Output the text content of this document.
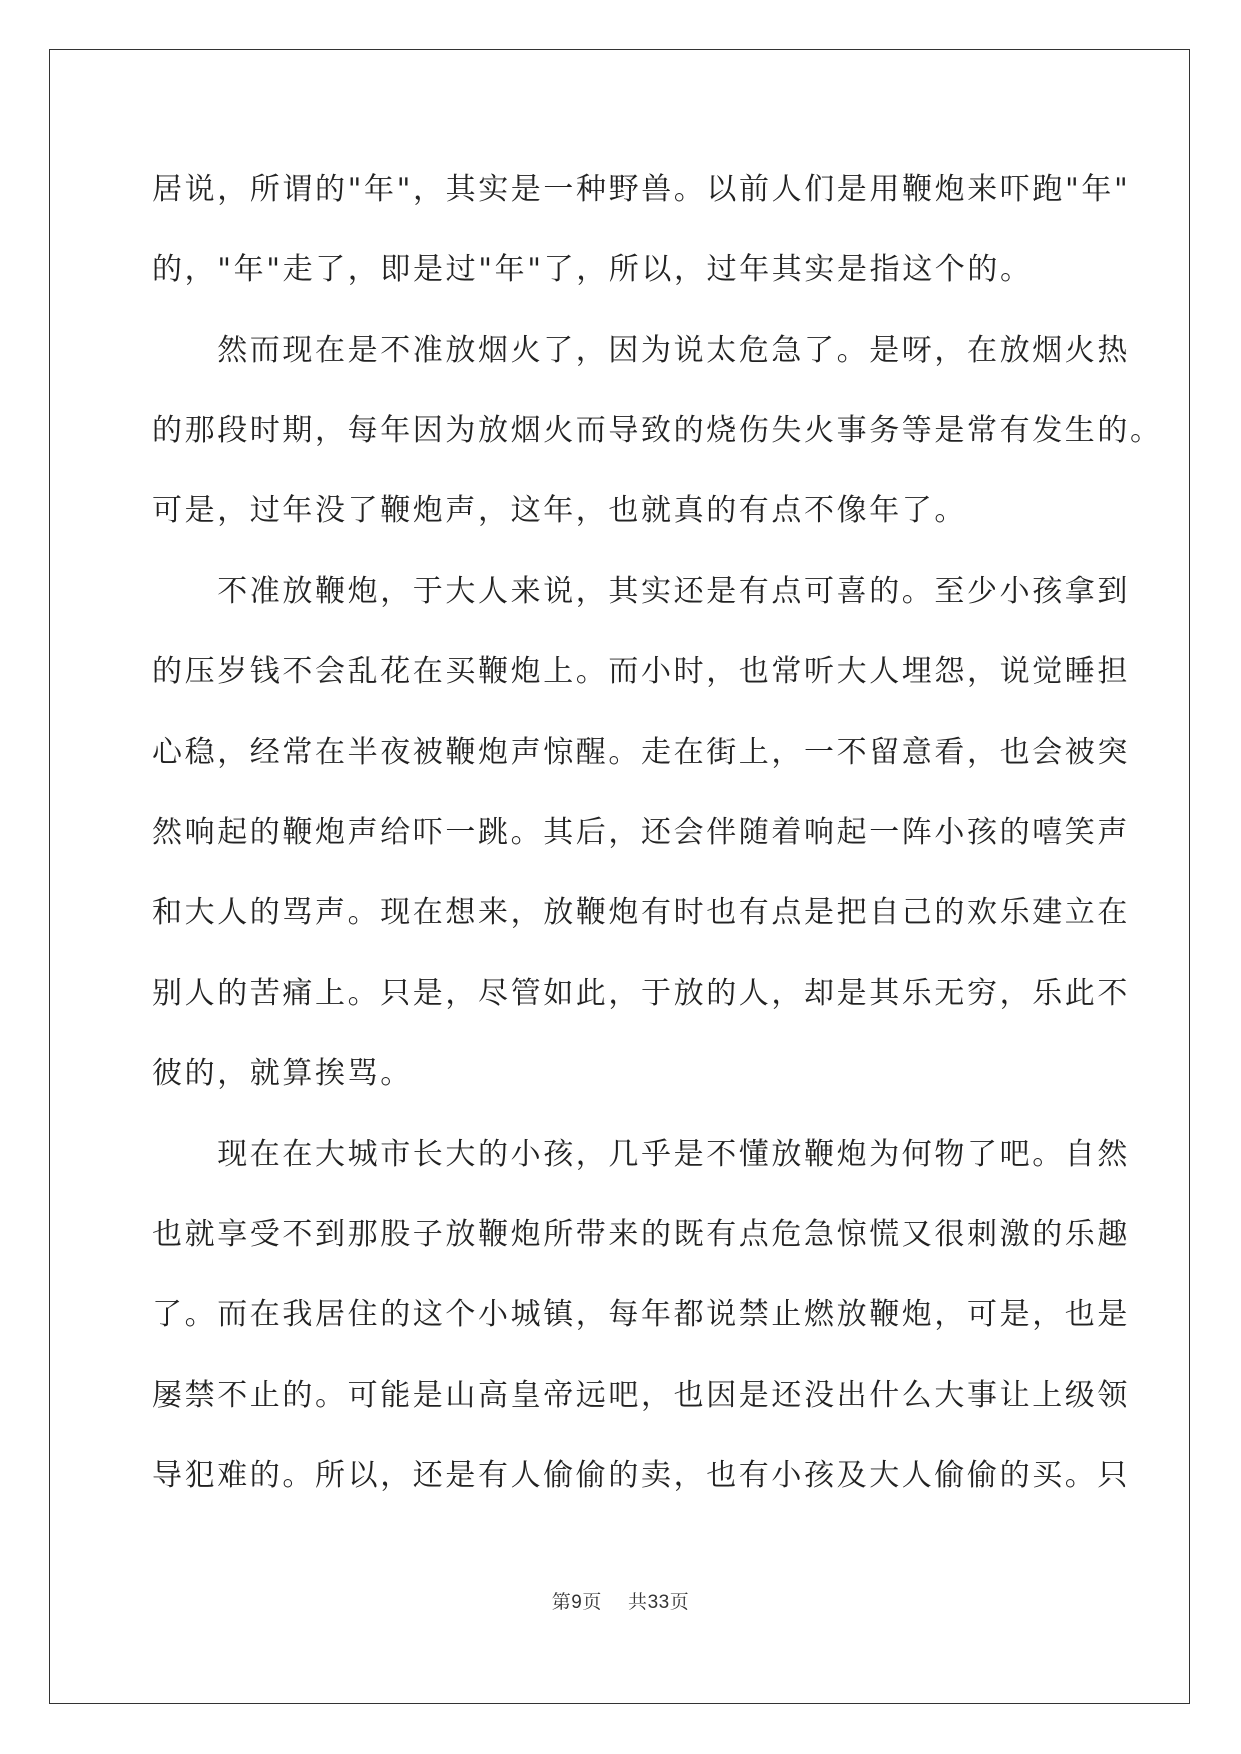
居说，所谓的"年"，其实是一种野兽。以前人们是用鞭炮来吓跑"年"
的，"年"走了，即是过"年"了，所以，过年其实是指这个的。
　　然而现在是不准放烟火了，因为说太危急了。是呀，在放烟火热
的那段时期，每年因为放烟火而导致的烧伤失火事务等是常有发生的。
可是，过年没了鞭炮声，这年，也就真的有点不像年了。
　　不准放鞭炮，于大人来说，其实还是有点可喜的。至少小孩拿到
的压岁钱不会乱花在买鞭炮上。而小时，也常听大人埋怨，说觉睡担
心稳，经常在半夜被鞭炮声惊醒。走在街上，一不留意看，也会被突
然响起的鞭炮声给吓一跳。其后，还会伴随着响起一阵小孩的嘻笑声
和大人的骂声。现在想来，放鞭炮有时也有点是把自己的欢乐建立在
别人的苦痛上。只是，尽管如此，于放的人，却是其乐无穷，乐此不
彼的，就算挨骂。
　　现在在大城市长大的小孩，几乎是不懂放鞭炮为何物了吧。自然
也就享受不到那股子放鞭炮所带来的既有点危急惊慌又很刺激的乐趣
了。而在我居住的这个小城镇，每年都说禁止燃放鞭炮，可是，也是
屡禁不止的。可能是山高皇帝远吧，也因是还没出什么大事让上级领
导犯难的。所以，还是有人偷偷的卖，也有小孩及大人偷偷的买。只
第9页 共33页
